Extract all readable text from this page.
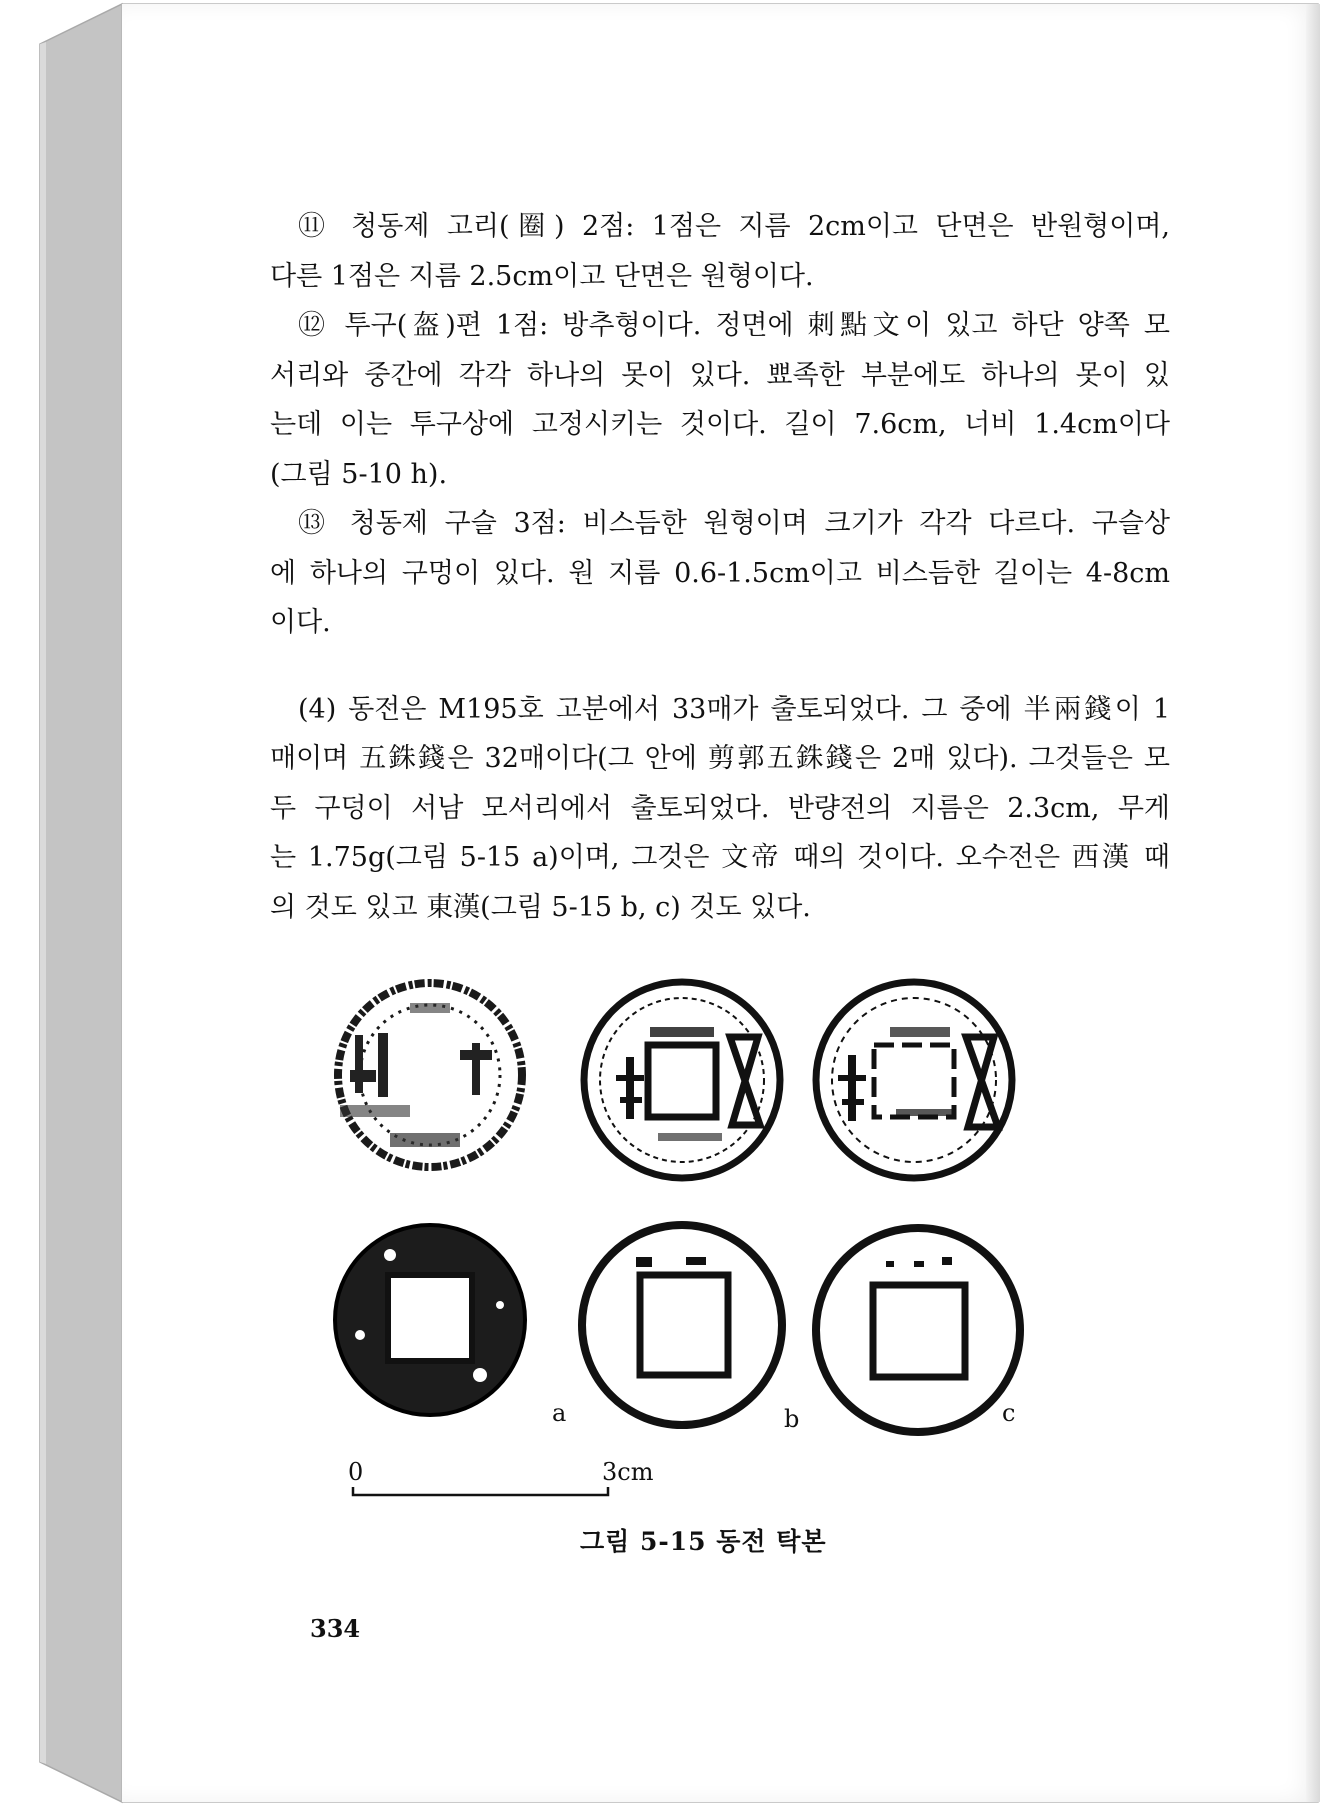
⑪ 청동제 고리(圈) 2점: 1점은 지름 2cm이고 단면은 반원형이며,

다른 1점은 지름 2.5cm이고 단면은 원형이다.

⑫ 투구(盔)편 1점: 방추형이다. 정면에 刺點文이 있고 하단 양쪽 모

서리와 중간에 각각 하나의 못이 있다. 뾰족한 부분에도 하나의 못이 있

는데 이는 투구상에 고정시키는 것이다. 길이 7.6cm, 너비 1.4cm이다

(그림 5-10 h).

⑬ 청동제 구슬 3점: 비스듬한 원형이며 크기가 각각 다르다. 구슬상

에 하나의 구멍이 있다. 원 지름 0.6-1.5cm이고 비스듬한 길이는 4-8cm

이다.

(4) 동전은 M195호 고분에서 33매가 출토되었다. 그 중에 半兩錢이 1

매이며 五銖錢은 32매이다(그 안에 剪郭五銖錢은 2매 있다). 그것들은 모

두 구덩이 서남 모서리에서 출토되었다. 반량전의 지름은 2.3cm, 무게

는 1.75g(그림 5-15 a)이며, 그것은 文帝 때의 것이다. 오수전은 西漢 때

의 것도 있고 東漢(그림 5-15 b, c) 것도 있다.

a	b	c
0	3cm
그림 5-15 동전 탁본
334
